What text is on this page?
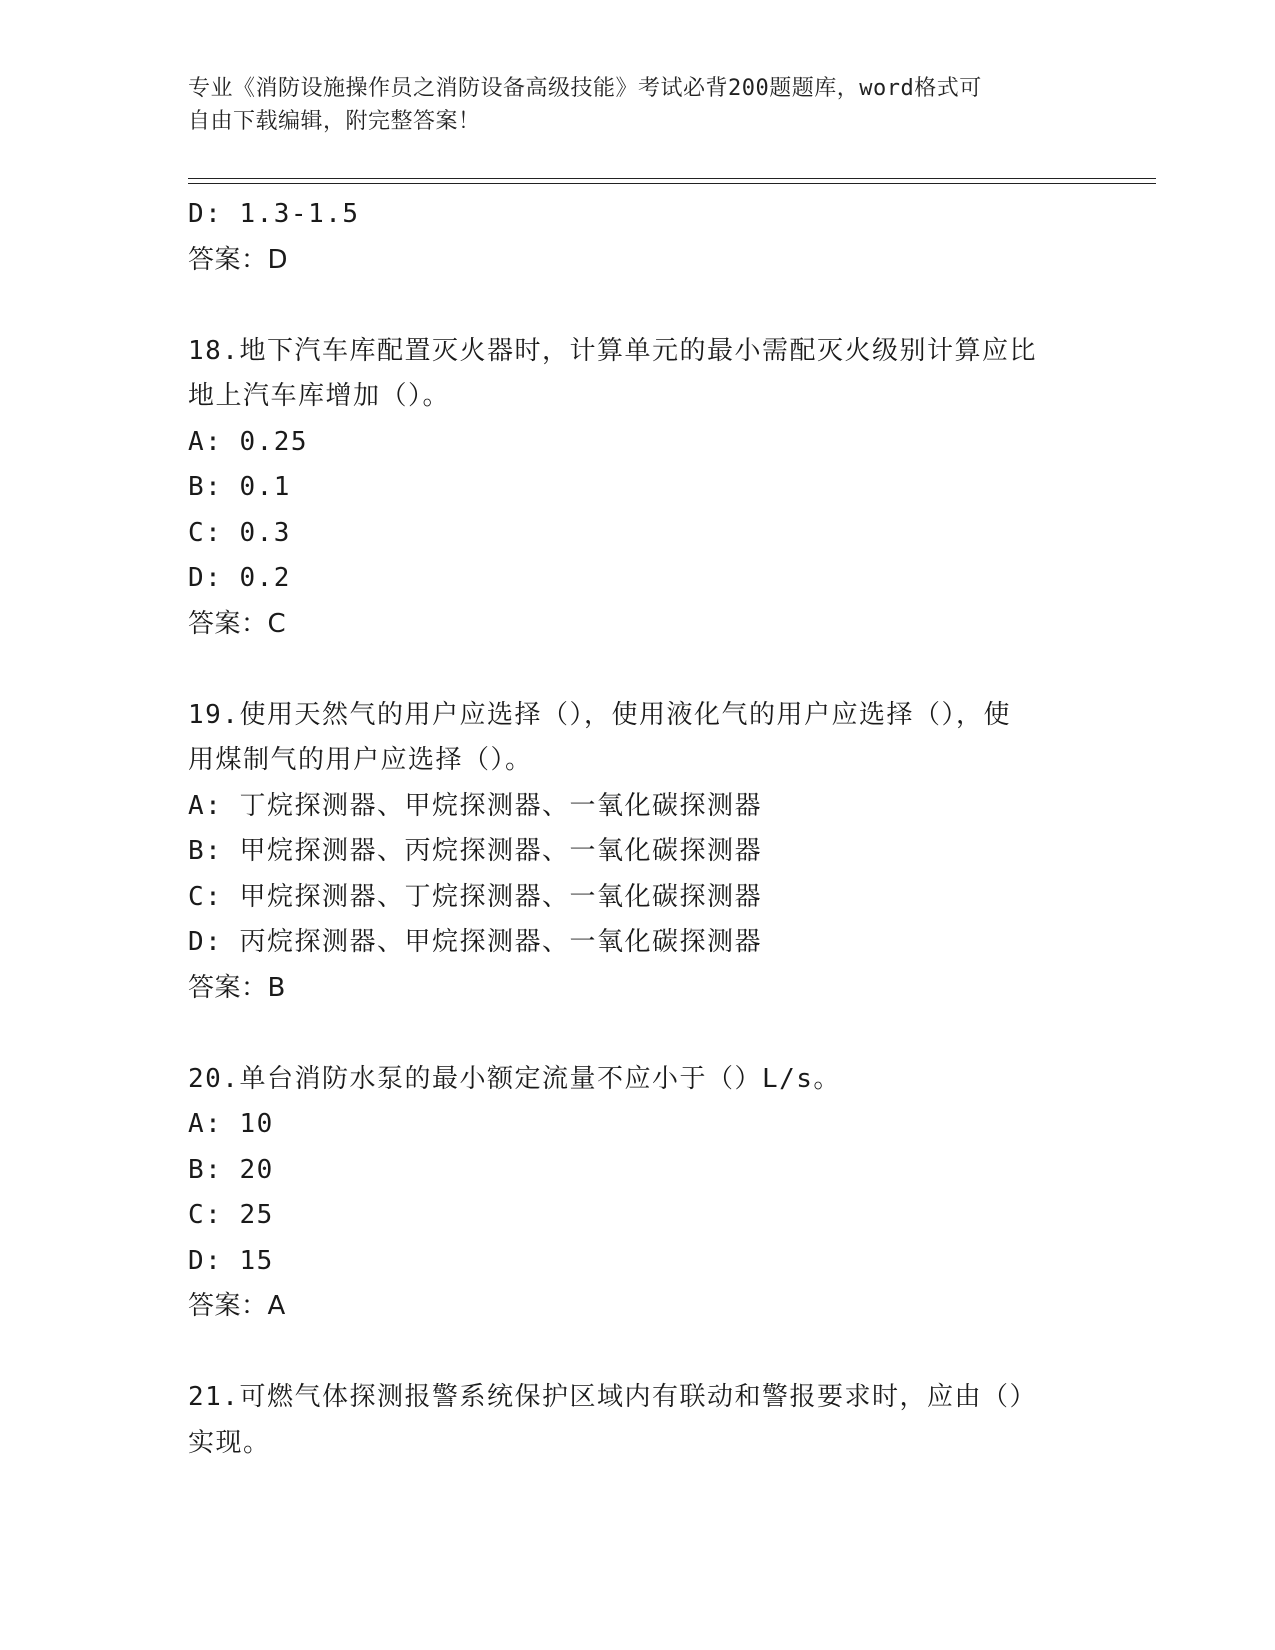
专业《消防设施操作员之消防设备高级技能》考试必背200题题库，word格式可
自由下载编辑，附完整答案！
D: 1.3-1.5
答案：D
18.地下汽车库配置灭火器时，计算单元的最小需配灭火级别计算应比
地上汽车库增加（）。
A: 0.25
B: 0.1
C: 0.3
D: 0.2
答案：C
19.使用天然气的用户应选择（），使用液化气的用户应选择（），使
用煤制气的用户应选择（）。
A: 丁烷探测器、甲烷探测器、一氧化碳探测器
B: 甲烷探测器、丙烷探测器、一氧化碳探测器
C: 甲烷探测器、丁烷探测器、一氧化碳探测器
D: 丙烷探测器、甲烷探测器、一氧化碳探测器
答案：B
20.单台消防水泵的最小额定流量不应小于（）L/s。
A: 10
B: 20
C: 25
D: 15
答案：A
21.可燃气体探测报警系统保护区域内有联动和警报要求时，应由（）
实现。
